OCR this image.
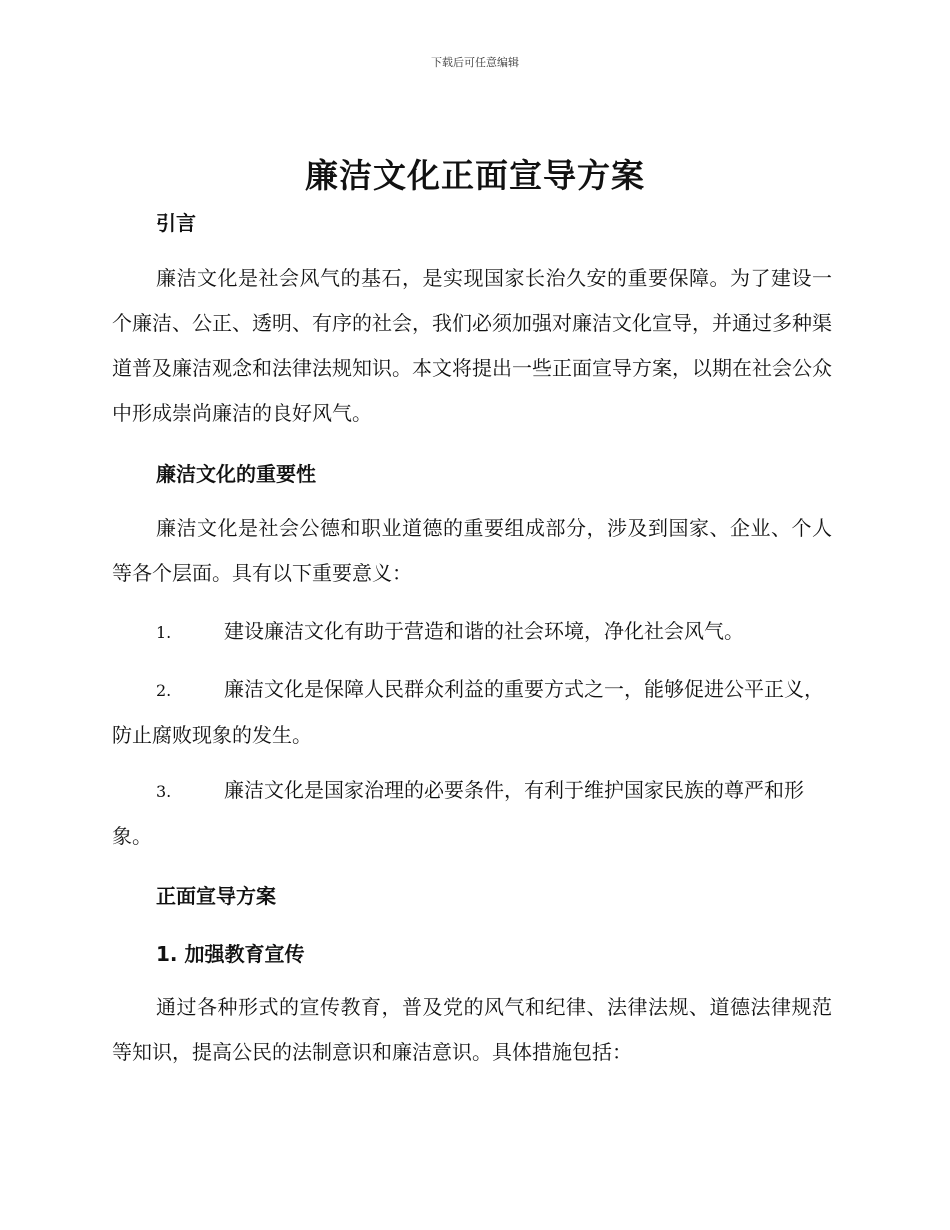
下载后可任意编辑
廉洁文化正面宣导方案
引言

廉洁文化是社会风气的基石，是实现国家长治久安的重要保障。为了建设一个廉洁、公正、透明、有序的社会，我们必须加强对廉洁文化宣导，并通过多种渠道普及廉洁观念和法律法规知识。本文将提出一些正面宣导方案，以期在社会公众中形成崇尚廉洁的良好风气。

廉洁文化的重要性

廉洁文化是社会公德和职业道德的重要组成部分，涉及到国家、企业、个人等各个层面。具有以下重要意义：

1.	建设廉洁文化有助于营造和谐的社会环境，净化社会风气。

2.	廉洁文化是保障人民群众利益的重要方式之一，能够促进公平正义，防止腐败现象的发生。

3.	廉洁文化是国家治理的必要条件，有利于维护国家民族的尊严和形象。

正面宣导方案
1. 加强教育宣传

通过各种形式的宣传教育，普及党的风气和纪律、法律法规、道德法律规范等知识，提高公民的法制意识和廉洁意识。具体措施包括：
